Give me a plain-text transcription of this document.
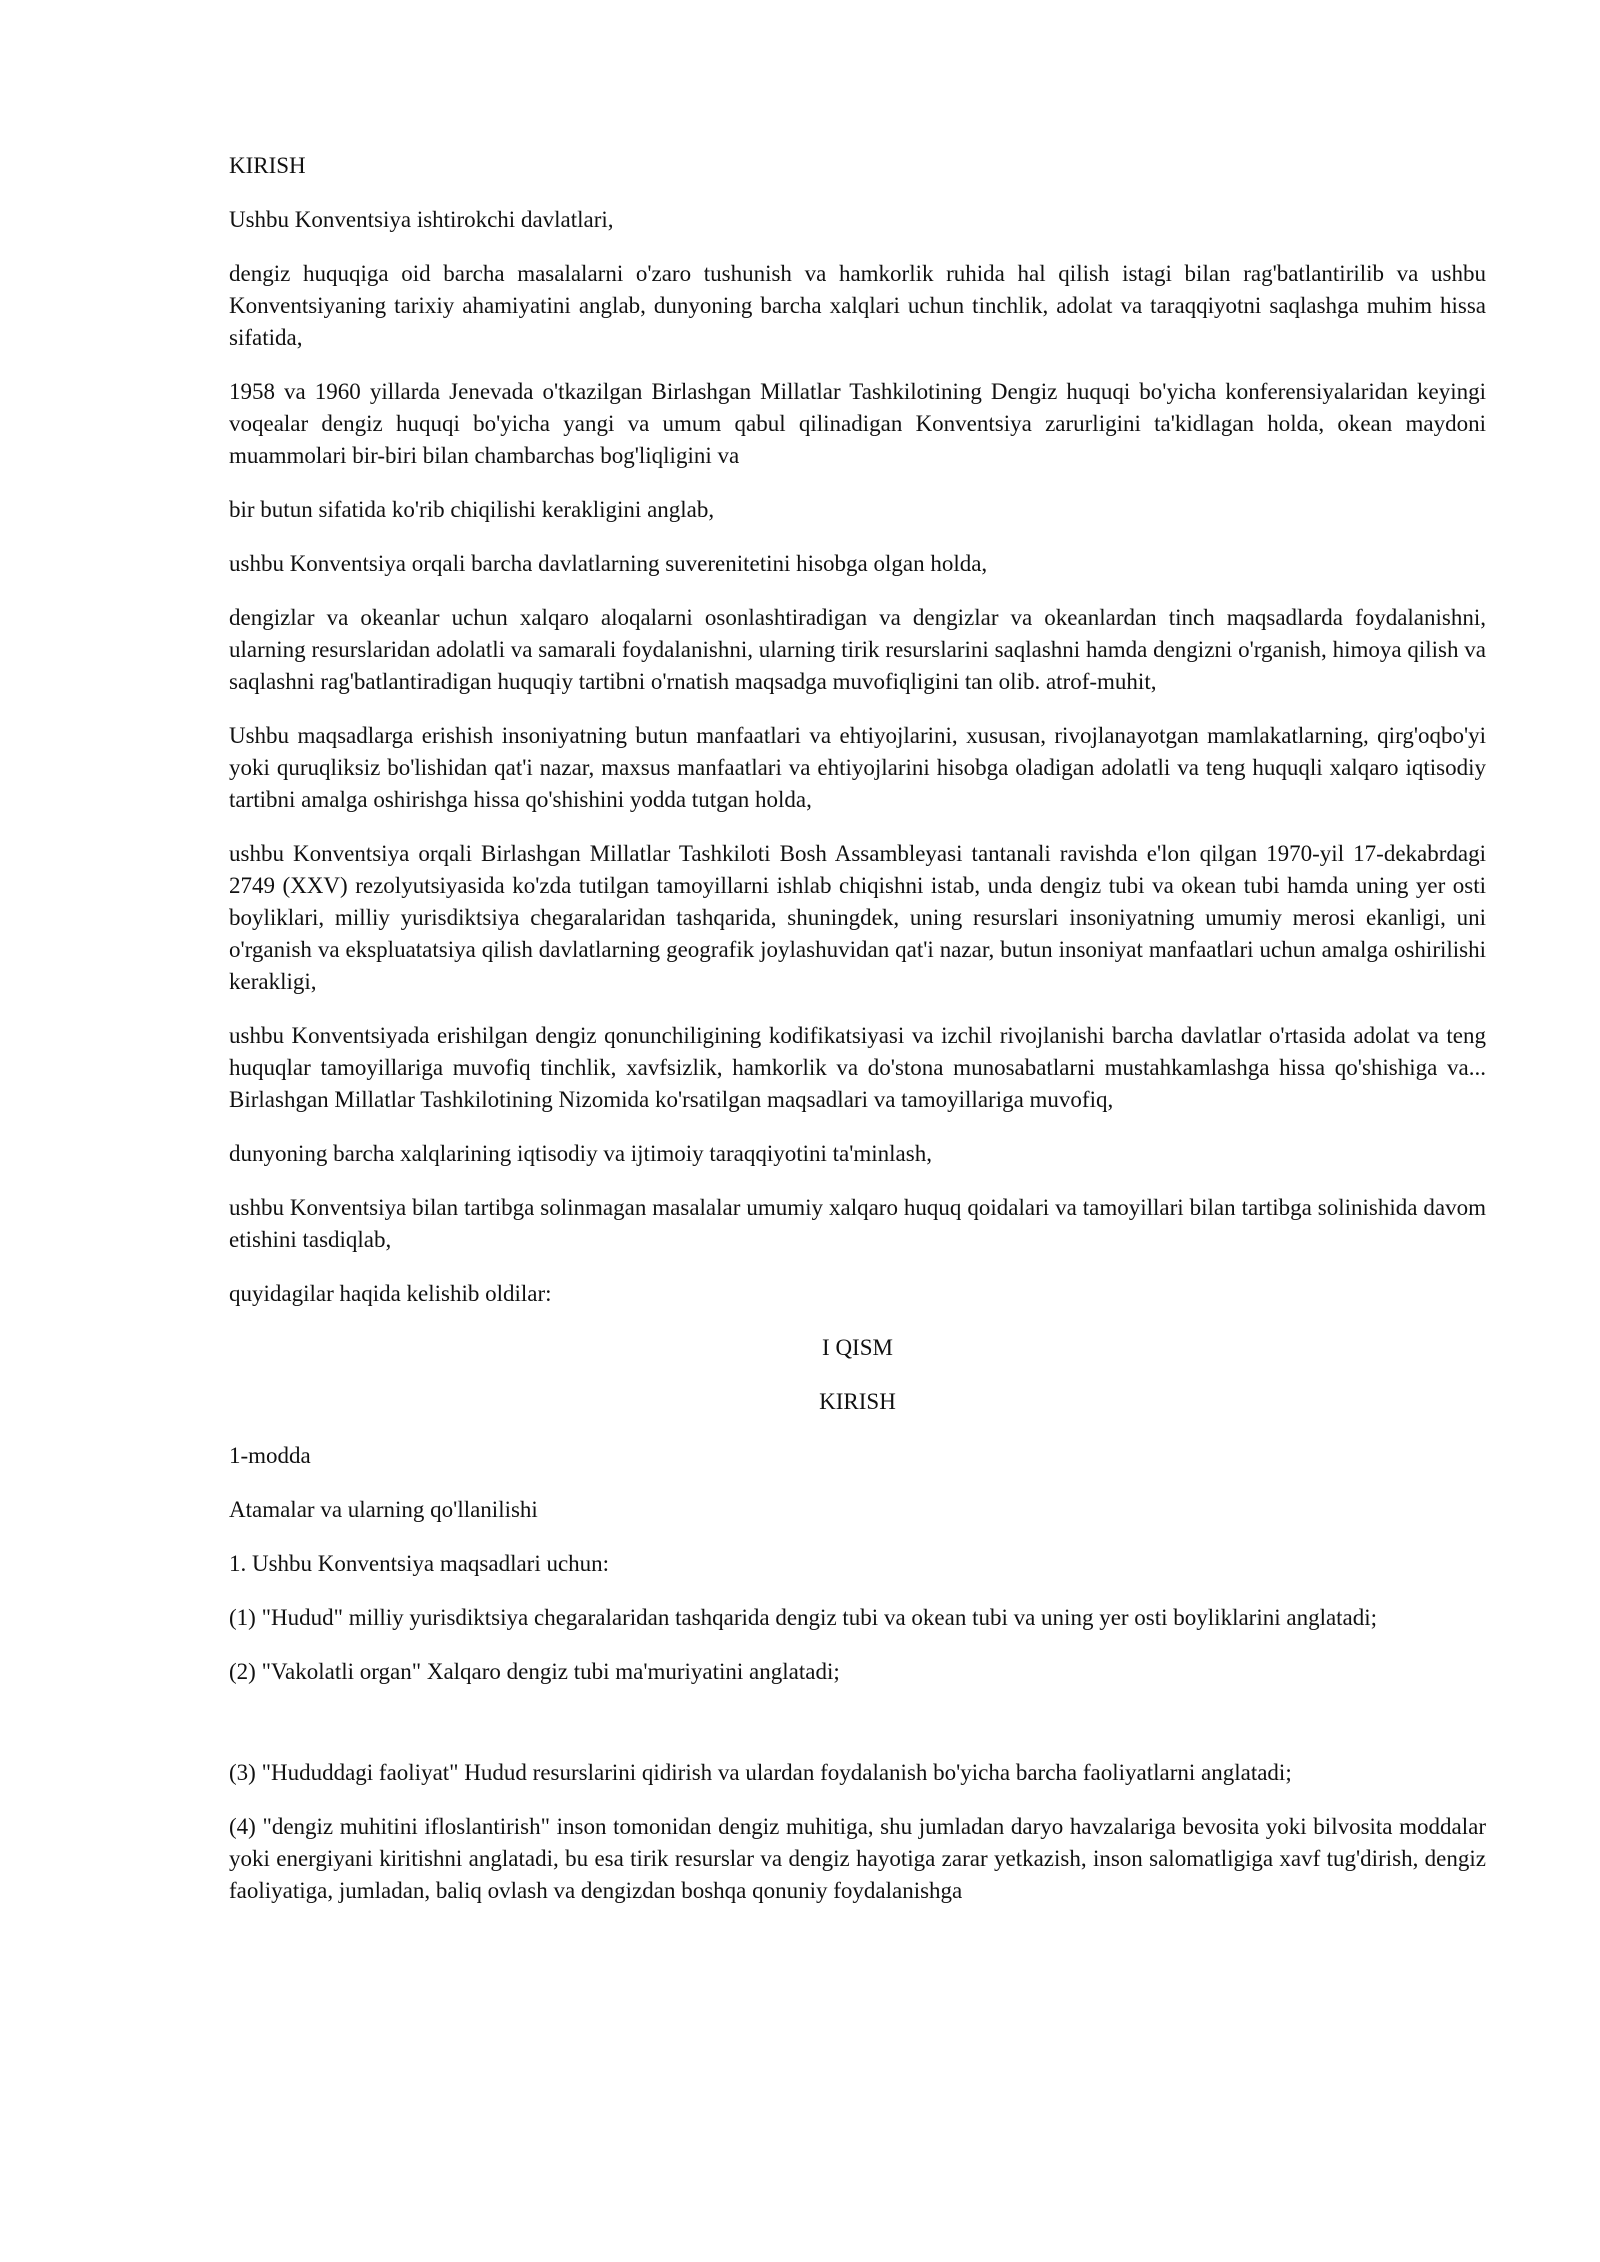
KIRISH

Ushbu Konventsiya ishtirokchi davlatlari,

dengiz huquqiga oid barcha masalalarni o'zaro tushunish va hamkorlik ruhida hal qilish istagi bilan rag'batlantirilib va ushbu Konventsiyaning tarixiy ahamiyatini anglab, dunyoning barcha xalqlari uchun tinchlik, adolat va taraqqiyotni saqlashga muhim hissa sifatida,

1958 va 1960 yillarda Jenevada o'tkazilgan Birlashgan Millatlar Tashkilotining Dengiz huquqi bo'yicha konferensiyalaridan keyingi voqealar dengiz huquqi bo'yicha yangi va umum qabul qilinadigan Konventsiya zarurligini ta'kidlagan holda, okean maydoni muammolari bir-biri bilan chambarchas bog'liqligini va

bir butun sifatida ko'rib chiqilishi kerakligini anglab,

ushbu Konventsiya orqali barcha davlatlarning suverenitetini hisobga olgan holda,

dengizlar va okeanlar uchun xalqaro aloqalarni osonlashtiradigan va dengizlar va okeanlardan tinch maqsadlarda foydalanishni, ularning resurslaridan adolatli va samarali foydalanishni, ularning tirik resurslarini saqlashni hamda dengizni o'rganish, himoya qilish va saqlashni rag'batlantiradigan huquqiy tartibni o'rnatish maqsadga muvofiqligini tan olib. atrof-muhit,

Ushbu maqsadlarga erishish insoniyatning butun manfaatlari va ehtiyojlarini, xususan, rivojlanayotgan mamlakatlarning, qirg'oqbo'yi yoki quruqliksiz bo'lishidan qat'i nazar, maxsus manfaatlari va ehtiyojlarini hisobga oladigan adolatli va teng huquqli xalqaro iqtisodiy tartibni amalga oshirishga hissa qo'shishini yodda tutgan holda,

ushbu Konventsiya orqali Birlashgan Millatlar Tashkiloti Bosh Assambleyasi tantanali ravishda e'lon qilgan 1970-yil 17-dekabrdagi 2749 (XXV) rezolyutsiyasida ko'zda tutilgan tamoyillarni ishlab chiqishni istab, unda dengiz tubi va okean tubi hamda uning yer osti boyliklari, milliy yurisdiktsiya chegaralaridan tashqarida, shuningdek, uning resurslari insoniyatning umumiy merosi ekanligi, uni o'rganish va ekspluatatsiya qilish davlatlarning geografik joylashuvidan qat'i nazar, butun insoniyat manfaatlari uchun amalga oshirilishi kerakligi,

ushbu Konventsiyada erishilgan dengiz qonunchiligining kodifikatsiyasi va izchil rivojlanishi barcha davlatlar o'rtasida adolat va teng huquqlar tamoyillariga muvofiq tinchlik, xavfsizlik, hamkorlik va do'stona munosabatlarni mustahkamlashga hissa qo'shishiga va... Birlashgan Millatlar Tashkilotining Nizomida ko'rsatilgan maqsadlari va tamoyillariga muvofiq,

dunyoning barcha xalqlarining iqtisodiy va ijtimoiy taraqqiyotini ta'minlash,

ushbu Konventsiya bilan tartibga solinmagan masalalar umumiy xalqaro huquq qoidalari va tamoyillari bilan tartibga solinishida davom etishini tasdiqlab,

quyidagilar haqida kelishib oldilar:

I QISM

KIRISH

1-modda

Atamalar va ularning qo'llanilishi

1. Ushbu Konventsiya maqsadlari uchun:

(1) "Hudud" milliy yurisdiktsiya chegaralaridan tashqarida dengiz tubi va okean tubi va uning yer osti boyliklarini anglatadi;

(2) "Vakolatli organ" Xalqaro dengiz tubi ma'muriyatini anglatadi;

(3) "Hududdagi faoliyat" Hudud resurslarini qidirish va ulardan foydalanish bo'yicha barcha faoliyatlarni anglatadi;

(4) "dengiz muhitini ifloslantirish" inson tomonidan dengiz muhitiga, shu jumladan daryo havzalariga bevosita yoki bilvosita moddalar yoki energiyani kiritishni anglatadi, bu esa tirik resurslar va dengiz hayotiga zarar yetkazish, inson salomatligiga xavf tug'dirish, dengiz faoliyatiga, jumladan, baliq ovlash va dengizdan boshqa qonuniy foydalanishga
